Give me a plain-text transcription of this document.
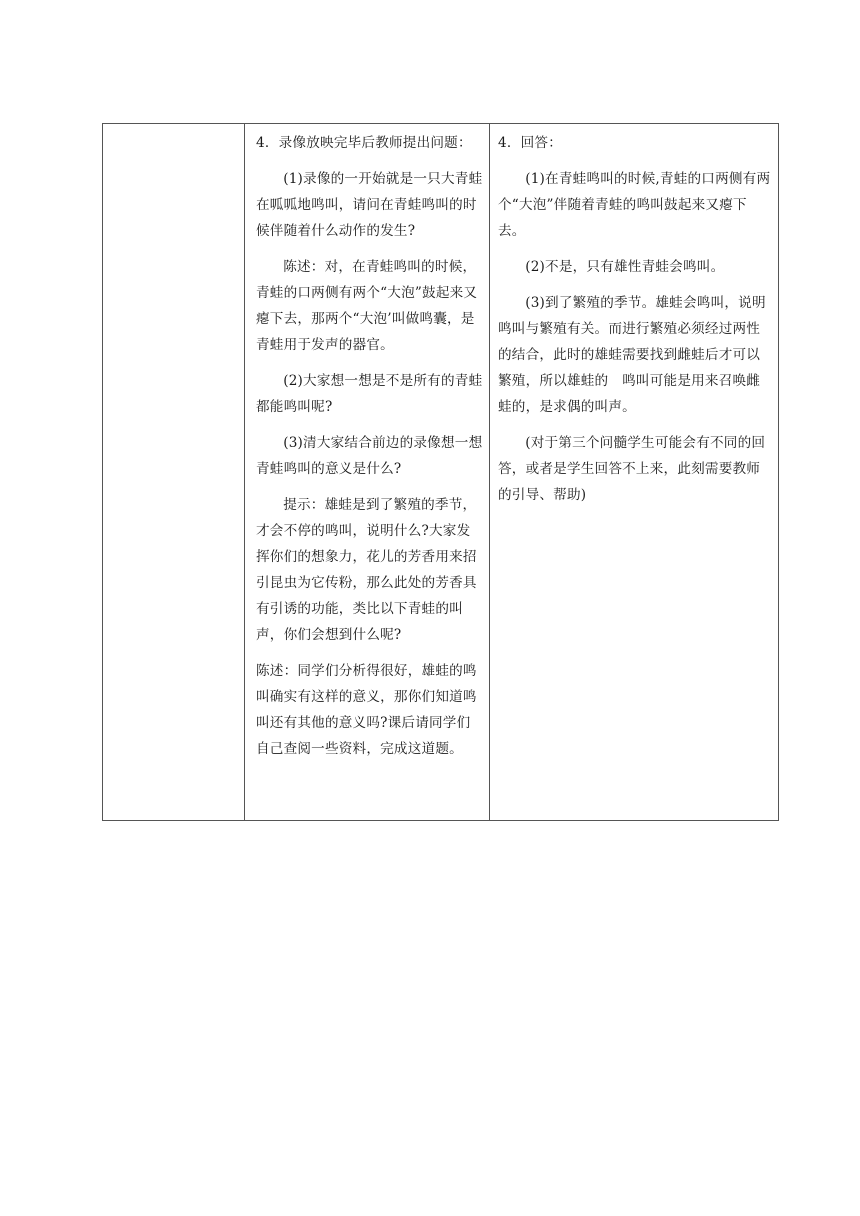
4．录像放映完毕后教师提出问题：

(1)录像的一开始就是一只大青蛙在呱呱地鸣叫，请问在青蛙鸣叫的时候伴随着什么动作的发生?

陈述：对，在青蛙鸣叫的时候，青蛙的口两侧有两个“大泡”鼓起来又瘪下去，那两个“大泡’叫做鸣囊，是青蛙用于发声的器官。

(2)大家想一想是不是所有的青蛙都能鸣叫呢?

(3)清大家结合前边的录像想一想青蛙鸣叫的意义是什么?

提示：雄蛙是到了繁殖的季节，才会不停的鸣叫，说明什么?大家发挥你们的想象力，花儿的芳香用来招引昆虫为它传粉，那么此处的芳香具有引诱的功能，类比以下青蛙的叫声，你们会想到什么呢?

陈述：同学们分析得很好，雄蛙的鸣叫确实有这样的意义，那你们知道鸣叫还有其他的意义吗?课后请同学们自己查阅一些资料，完成这道题。

4．回答：

(1)在青蛙鸣叫的时候,青蛙的口两侧有两个“大泡”伴随着青蛙的鸣叫鼓起来又瘪下去。

(2)不是，只有雄性青蛙会鸣叫。

(3)到了繁殖的季节。雄蛙会鸣叫，说明鸣叫与繁殖有关。而进行繁殖必须经过两性的结合，此时的雄蛙需要找到雌蛙后才可以繁殖，所以雄蛙的　鸣叫可能是用来召唤雌蛙的，是求偶的叫声。

(对于第三个问髓学生可能会有不同的回答，或者是学生回答不上来，此刻需要教师的引导、帮助)
